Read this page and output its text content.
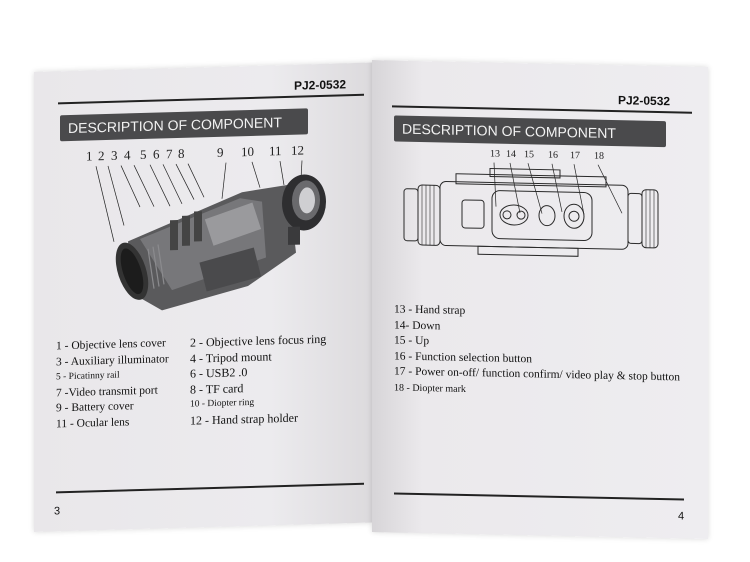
PJ2-0532
DESCRIPTION OF COMPONENT
1 2 3 4 5 6 7 8	9 10 11 12
1 - Objective lens cover
3 - Auxiliary illuminator
5 - Picatinny rail
7 -Video transmit port
9 - Battery cover
11 - Ocular lens
2 - Objective lens focus ring
4 - Tripod mount
6 - USB2 .0
8 - TF card
10 - Diopter ring
12 - Hand strap holder
3
PJ2-0532
DESCRIPTION OF COMPONENT
13 14 15 16 17 18
13 - Hand strap
14- Down
15 - Up
16 - Function selection button
17 - Power on-off/ function confirm/ video play & stop button
18 - Diopter mark
4
